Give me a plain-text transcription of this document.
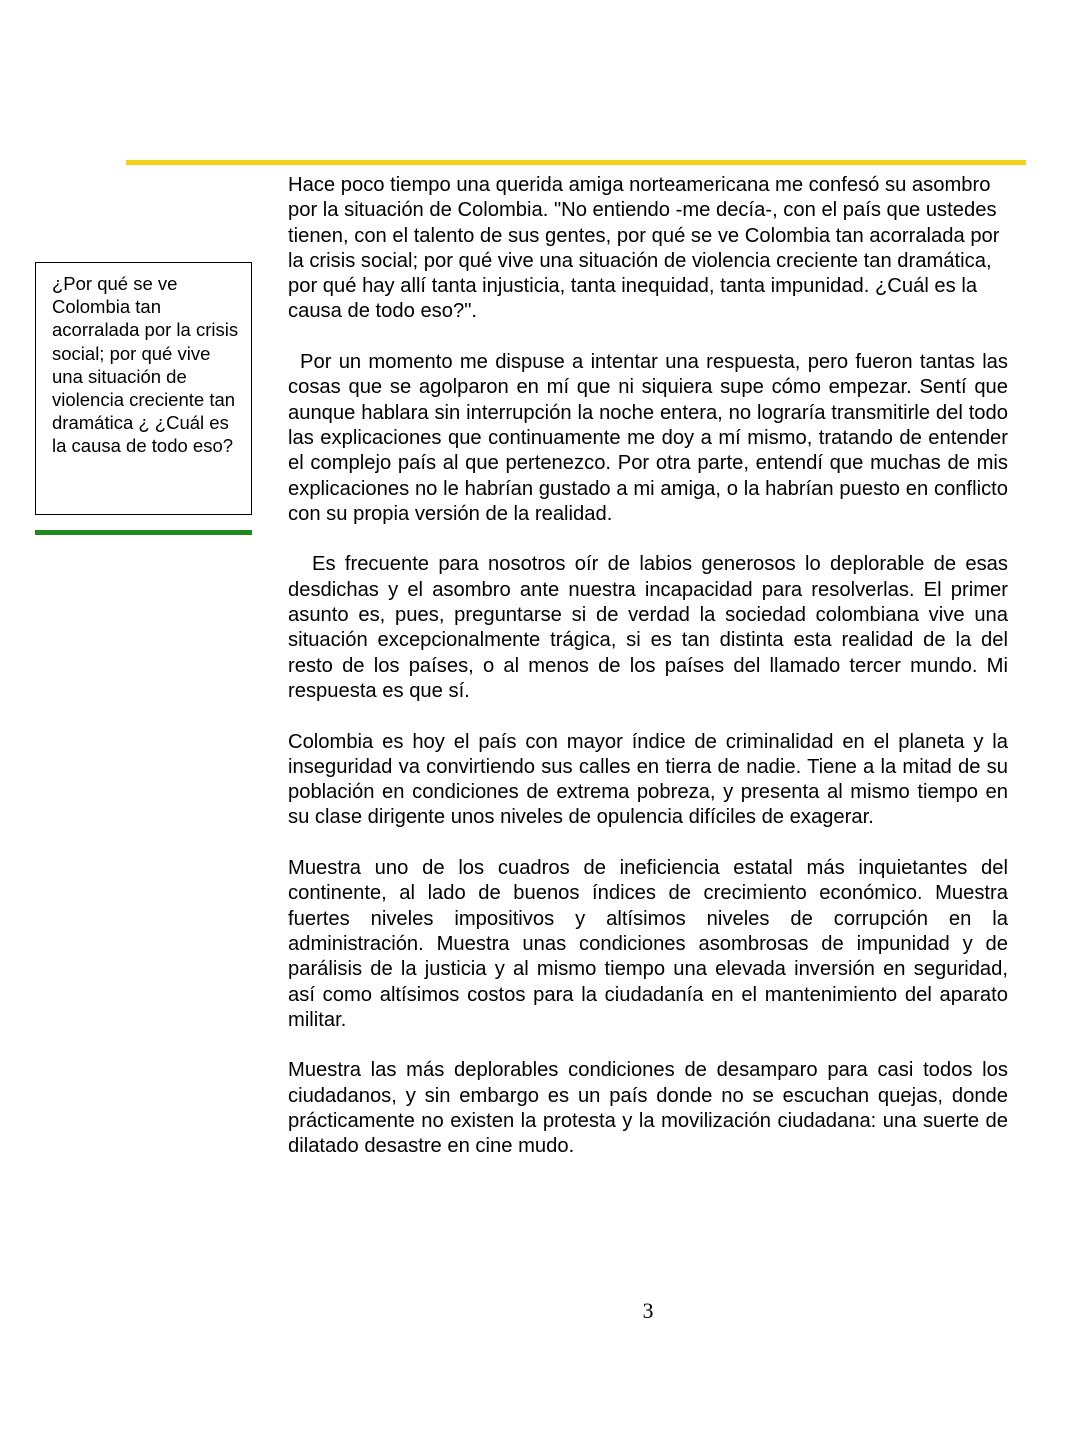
¿Por qué se ve Colombia tan acorralada por la crisis social; por qué vive una situación de violencia creciente tan dramática ¿ ¿Cuál es la causa de todo eso?

Hace poco tiempo una querida amiga norteamericana me confesó su asombro por la situación de Colombia. "No entiendo -me decía-, con el país que ustedes tienen, con el talento de sus gentes, por qué se ve Colombia tan acorralada por la crisis social; por qué vive una situación de violencia creciente tan dramática, por qué hay allí tanta injusticia, tanta inequidad, tanta impunidad. ¿Cuál es la causa de todo eso?".

Por un momento me dispuse a intentar una respuesta, pero fueron tantas las cosas que se agolparon en mí que ni siquiera supe cómo empezar. Sentí que aunque hablara sin interrupción la noche entera, no lograría transmitirle del todo las explicaciones que continuamente me doy a mí mismo, tratando de entender el complejo país al que pertenezco. Por otra parte, entendí que muchas de mis explicaciones no le habrían gustado a mi amiga, o la habrían puesto en conflicto con su propia versión de la realidad.

Es frecuente para nosotros oír de labios generosos lo deplorable de esas desdichas y el asombro ante nuestra incapacidad para resolverlas. El primer asunto es, pues, preguntarse si de verdad la sociedad colombiana vive una situación excepcionalmente trágica, si es tan distinta esta realidad de la del resto de los países, o al menos de los países del llamado tercer mundo. Mi respuesta es que sí.

Colombia es hoy el país con mayor índice de criminalidad en el planeta y la inseguridad va convirtiendo sus calles en tierra de nadie. Tiene a la mitad de su población en condiciones de extrema pobreza, y presenta al mismo tiempo en su clase dirigente unos niveles de opulencia difíciles de exagerar.

Muestra uno de los cuadros de ineficiencia estatal más inquietantes del continente, al lado de buenos índices de crecimiento económico. Muestra fuertes niveles impositivos y altísimos niveles de corrupción en la administración. Muestra unas condiciones asombrosas de impunidad y de parálisis de la justicia y al mismo tiempo una elevada inversión en seguridad, así como altísimos costos para la ciudadanía en el mantenimiento del aparato militar.

Muestra las más deplorables condiciones de desamparo para casi todos los ciudadanos, y sin embargo es un país donde no se escuchan quejas, donde prácticamente no existen la protesta y la movilización ciudadana: una suerte de dilatado desastre en cine mudo.

3
